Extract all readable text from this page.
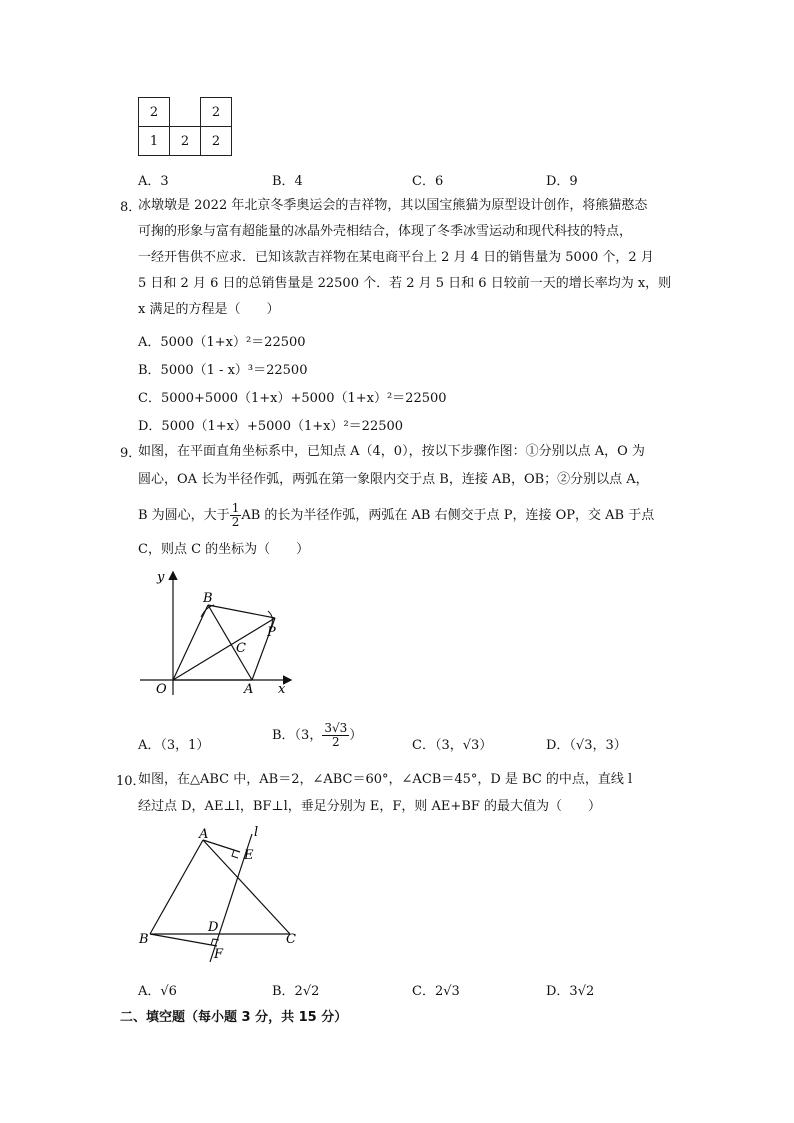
2		2
1	2	2
A．3	B．4	C．6	D．9
8．
冰墩墩是 2022 年北京冬季奥运会的吉祥物，其以国宝熊猫为原型设计创作，将熊猫憨态
可掬的形象与富有超能量的冰晶外壳相结合，体现了冬季冰雪运动和现代科技的特点，
一经开售供不应求．已知该款吉祥物在某电商平台上 2 月 4 日的销售量为 5000 个，2 月
5 日和 2 月 6 日的总销售量是 22500 个．若 2 月 5 日和 6 日较前一天的增长率均为 x，则
x 满足的方程是（　　）
A．5000（1+x）²＝22500
B．5000（1 - x）³＝22500
C．5000+5000（1+x）+5000（1+x）²＝22500
D．5000（1+x）+5000（1+x）²＝22500
9．
如图，在平面直角坐标系中，已知点 A（4，0），按以下步骤作图：①分别以点 A，O 为
圆心，OA 长为半径作弧，两弧在第一象限内交于点 B，连接 AB，OB；②分别以点 A，
B 为圆心，大于 $\frac{1}{2}$ AB 的长为半径作弧，两弧在 AB 右侧交于点 P，连接 OP，交 AB 于点
C，则点 C 的坐标为（　　）
y
x
O	A
B
C
P
A．（3，1）
B．（3， $\frac{3√3}{2}$ ）
C．（3，√3）	D．（√3，3）
10．
如图，在△ABC 中，AB＝2，∠ABC＝60°，∠ACB＝45°，D 是 BC 的中点，直线 l
经过点 D，AE⊥l，BF⊥l，垂足分别为 E，F，则 AE+BF 的最大值为（　　）
A
B	C
D
E
F
l
A．√6	B．2√2	C．2√3	D．3√2
二、填空题（每小题 3 分，共 15 分）
